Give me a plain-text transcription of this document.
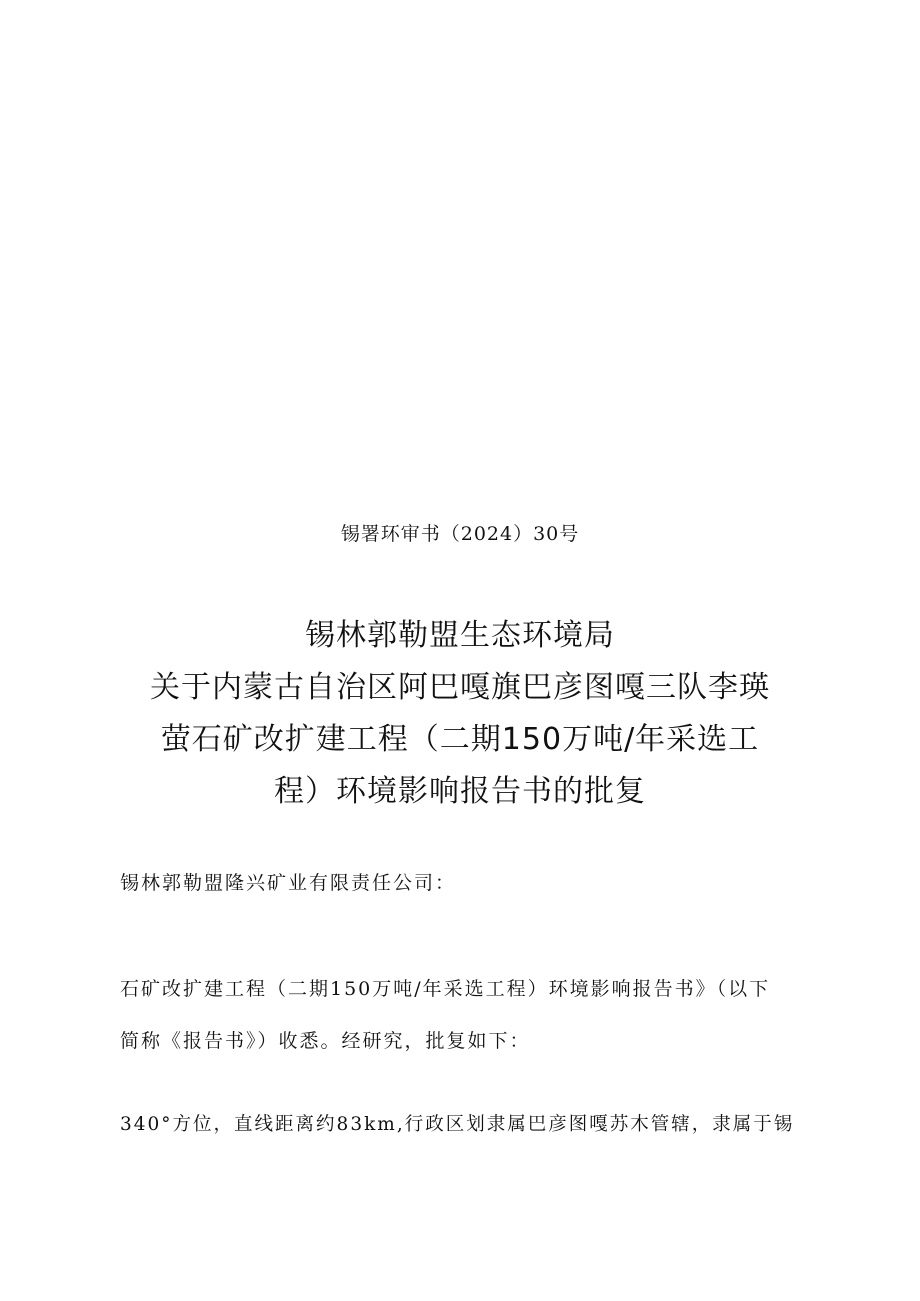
锡署环审书（2024）30号
锡林郭勒盟生态环境局
关于内蒙古自治区阿巴嘎旗巴彦图嘎三队李瑛
萤石矿改扩建工程（二期150万吨/年采选工
程）环境影响报告书的批复
锡林郭勒盟隆兴矿业有限责任公司：
石矿改扩建工程（二期150万吨/年采选工程）环境影响报告书》（以下
简称《报告书》）收悉。经研究，批复如下：
340°方位，直线距离约83km,行政区划隶属巴彦图嘎苏木管辖，隶属于锡
